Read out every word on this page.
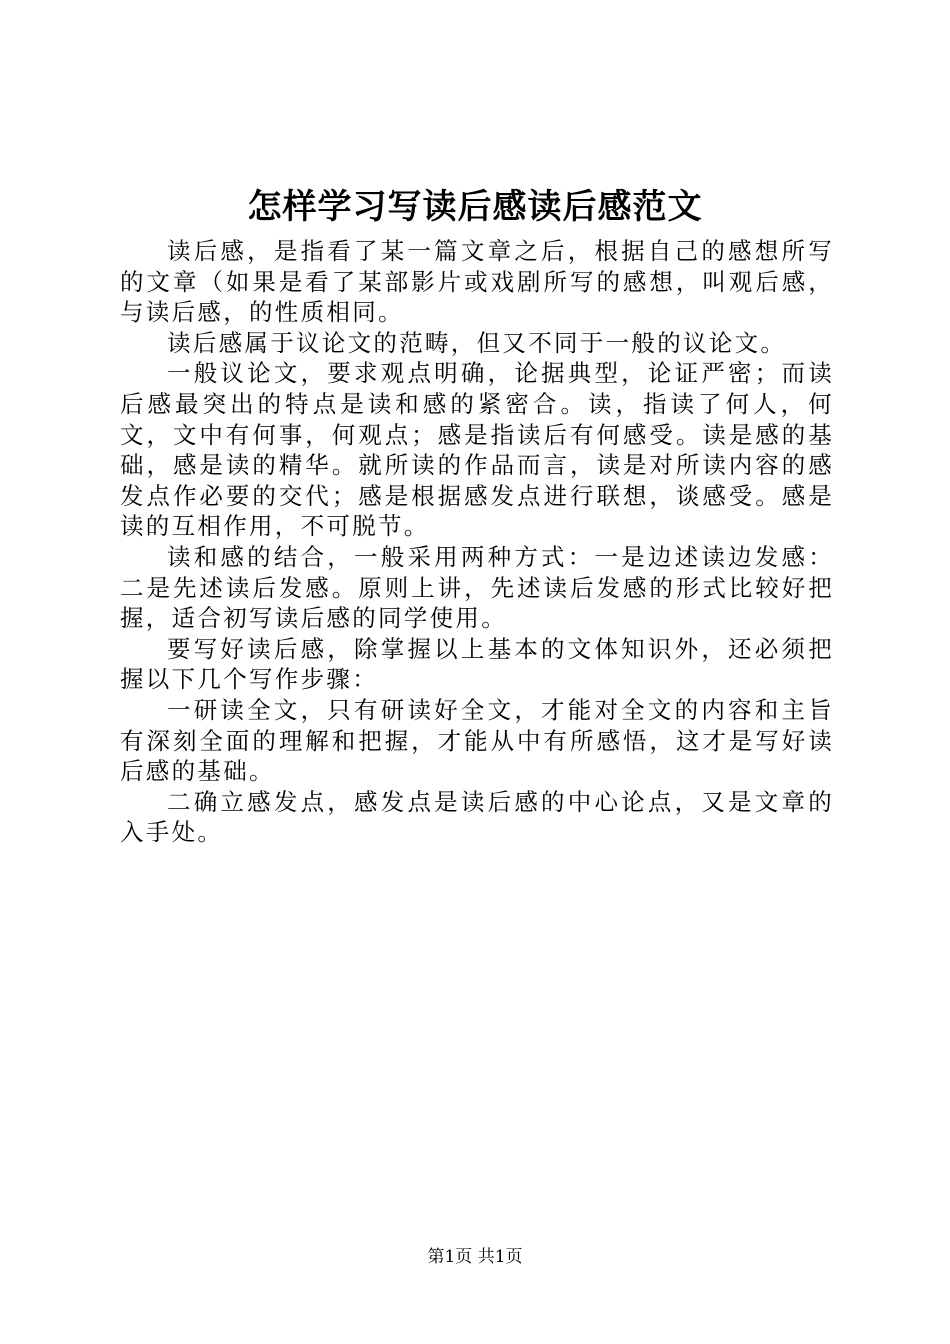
怎样学习写读后感读后感范文

读后感，是指看了某一篇文章之后，根据自己的感想所写的文章（如果是看了某部影片或戏剧所写的感想，叫观后感，与读后感，的性质相同。

读后感属于议论文的范畴，但又不同于一般的议论文。

一般议论文，要求观点明确，论据典型，论证严密；而读后感最突出的特点是读和感的紧密合。读，指读了何人，何文，文中有何事，何观点；感是指读后有何感受。读是感的基础，感是读的精华。就所读的作品而言，读是对所读内容的感发点作必要的交代；感是根据感发点进行联想，谈感受。感是读的互相作用，不可脱节。

读和感的结合，一般采用两种方式：一是边述读边发感：二是先述读后发感。原则上讲，先述读后发感的形式比较好把握，适合初写读后感的同学使用。

要写好读后感，除掌握以上基本的文体知识外，还必须把握以下几个写作步骤：

一研读全文，只有研读好全文，才能对全文的内容和主旨有深刻全面的理解和把握，才能从中有所感悟，这才是写好读后感的基础。

二确立感发点，感发点是读后感的中心论点，又是文章的入手处。

第1页 共1页
